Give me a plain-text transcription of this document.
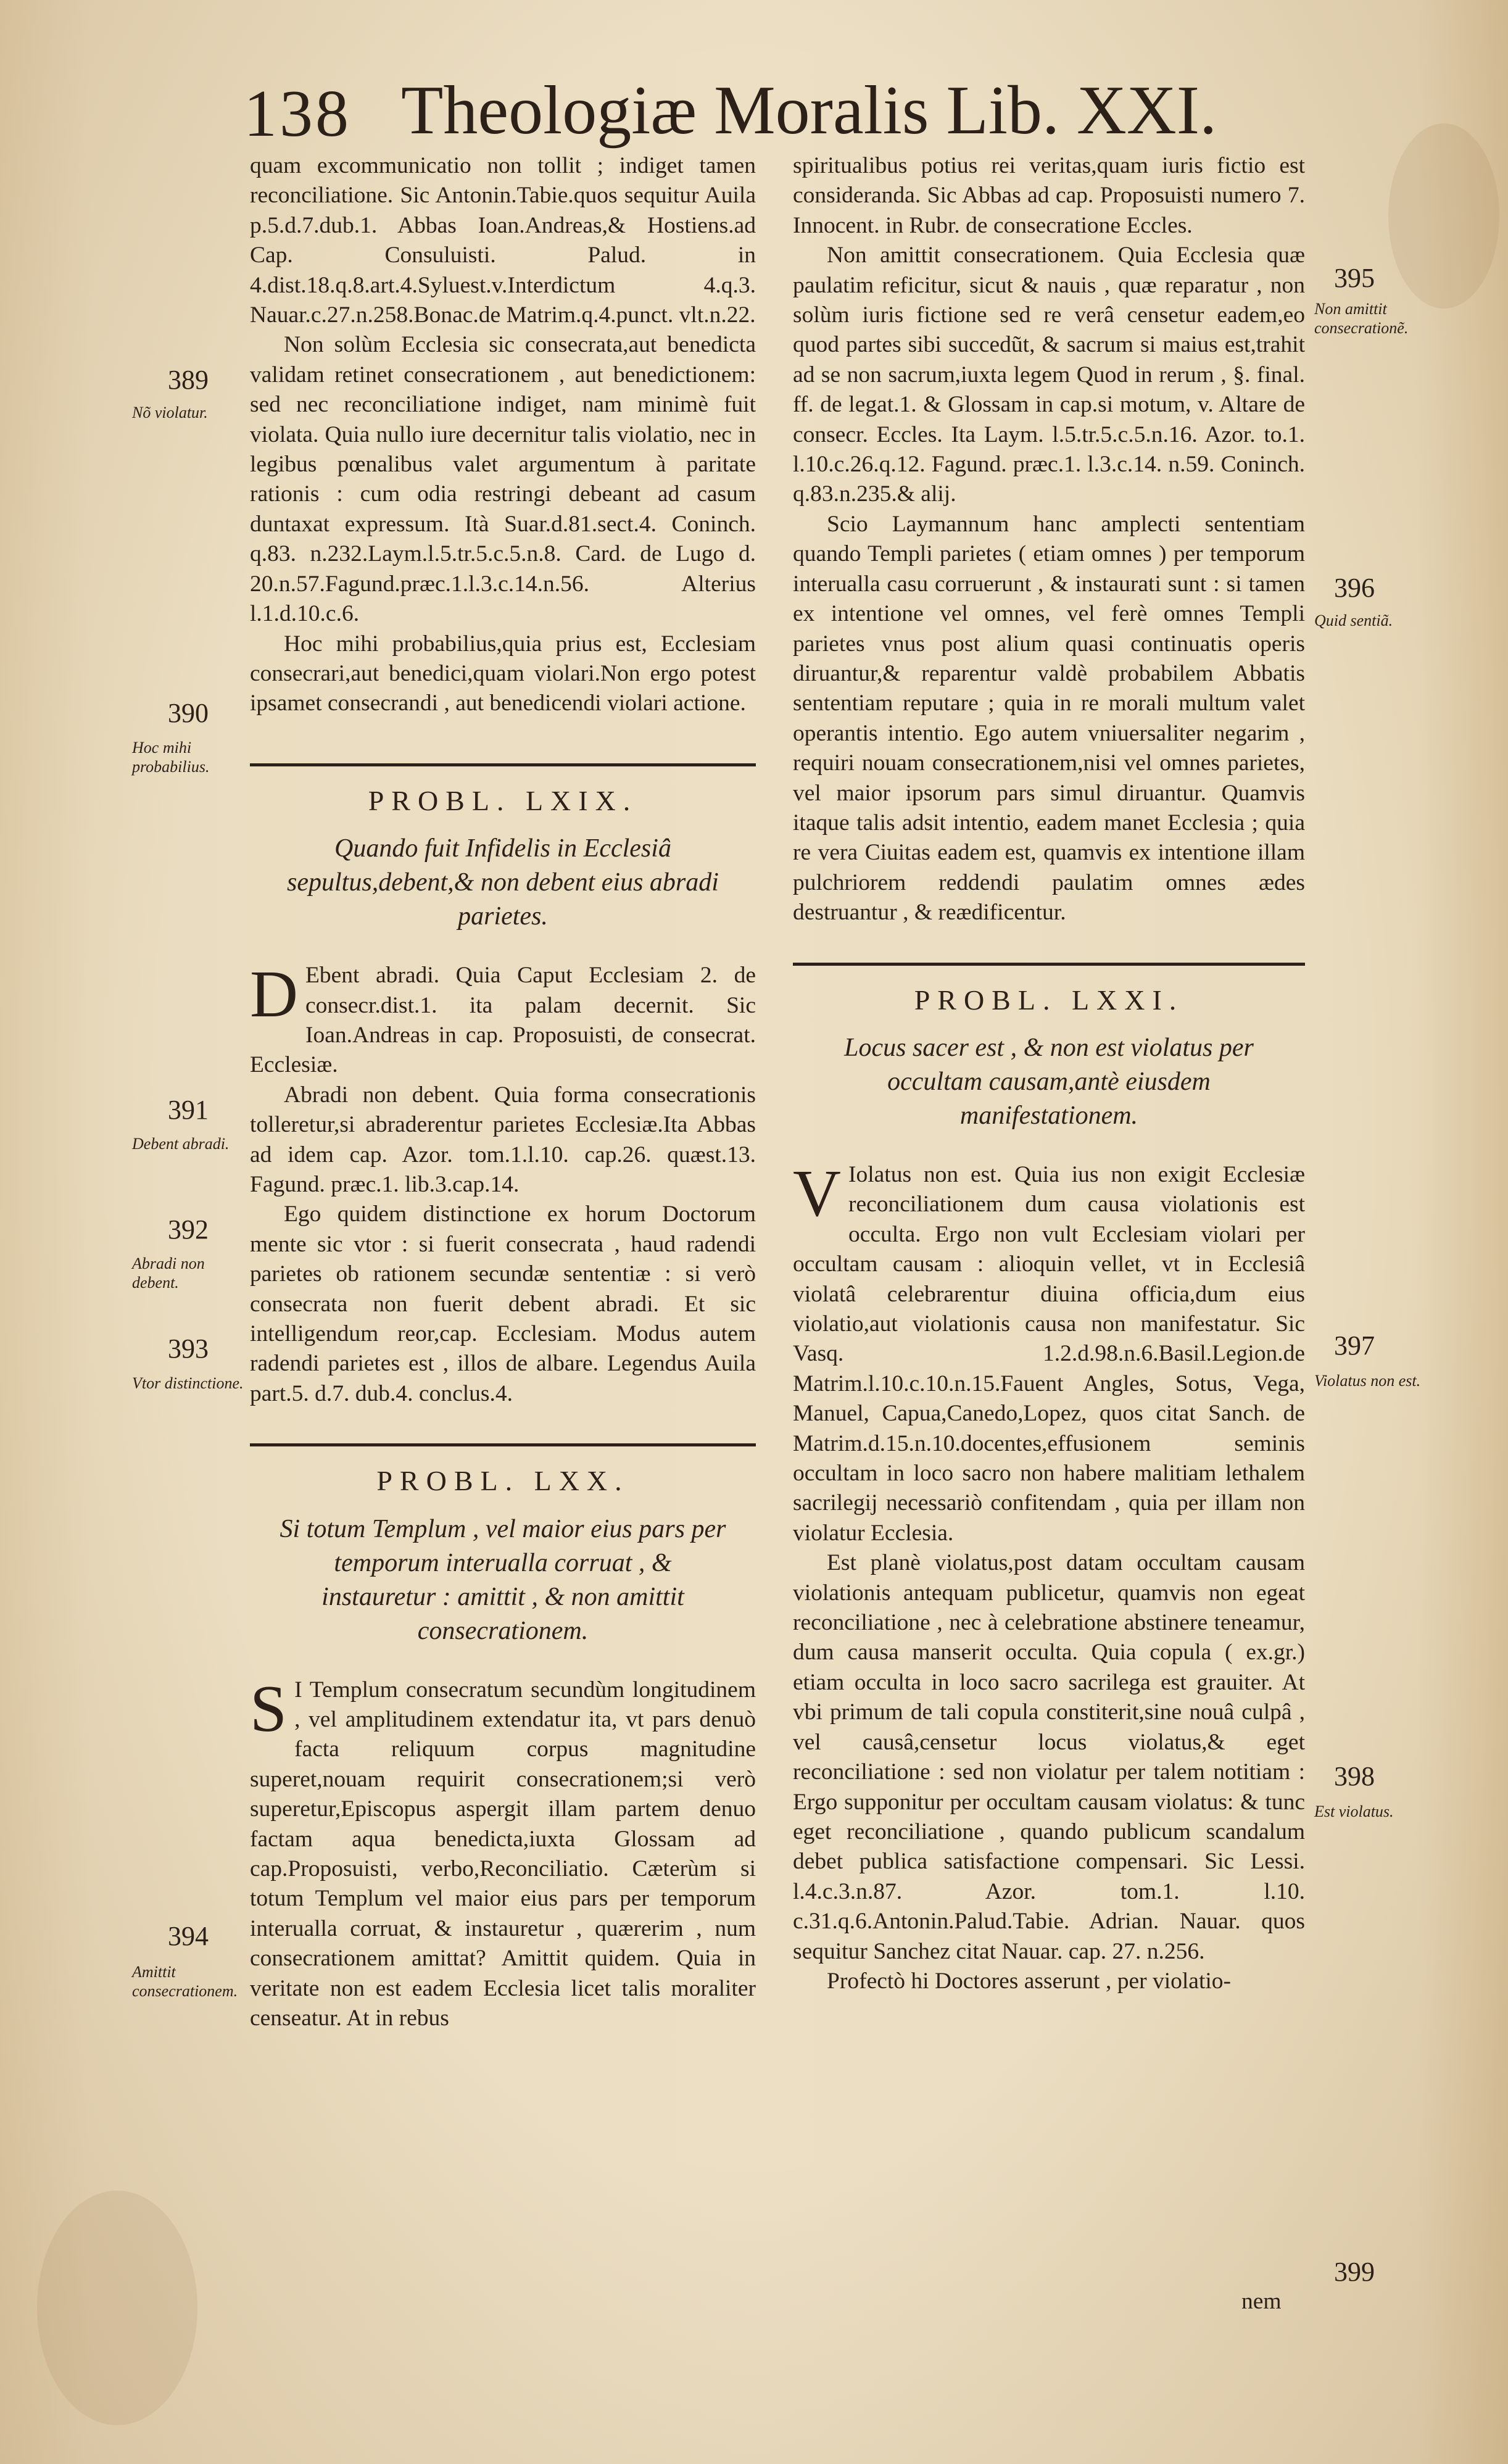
138 Theologiæ Moralis Lib. XXI.

quam excommunicatio non tollit ; indiget tamen reconciliatione. Sic Antonin.Tabie.quos sequitur Auila p.5.d.7.dub.1. Abbas Ioan.Andreas,& Hostiens.ad Cap. Consuluisti. Palud. in 4.dist.18.q.8.art.4.Syluest.v.Interdictum 4.q.3. Nauar.c.27.n.258.Bonac.de Matrim.q.4.punct. vlt.n.22.

Non solùm Ecclesia sic consecrata,aut benedicta validam retinet consecrationem , aut benedictionem: sed nec reconciliatione indiget, nam minimè fuit violata. Quia nullo iure decernitur talis violatio, nec in legibus pœnalibus valet argumentum à paritate rationis : cum odia restringi debeant ad casum duntaxat expressum. Ità Suar.d.81.sect.4. Coninch. q.83. n.232.Laym.l.5.tr.5.c.5.n.8. Card. de Lugo d. 20.n.57.Fagund.præc.1.l.3.c.14.n.56. Alterius l.1.d.10.c.6.

Hoc mihi probabilius,quia prius est, Ecclesiam consecrari,aut benedici,quam violari.Non ergo potest ipsamet consecrandi , aut benedicendi violari actione.

PROBL. LXIX.
Quando fuit Infidelis in Ecclesiâ sepultus,debent,& non debent eius abradi parietes.

D Ebent abradi. Quia Caput Ecclesiam 2. de consecr.dist.1. ita palam decernit. Sic Ioan.Andreas in cap. Proposuisti, de consecrat. Ecclesiæ.

Abradi non debent. Quia forma consecrationis tolleretur,si abraderentur parietes Ecclesiæ.Ita Abbas ad idem cap. Azor. tom.1.l.10. cap.26. quæst.13. Fagund. præc.1. lib.3.cap.14.

Ego quidem distinctione ex horum Doctorum mente sic vtor : si fuerit consecrata , haud radendi parietes ob rationem secundæ sententiæ : si verò consecrata non fuerit debent abradi. Et sic intelligendum reor,cap. Ecclesiam. Modus autem radendi parietes est , illos de albare. Legendus Auila part.5. d.7. dub.4. conclus.4.

PROBL. LXX.
Si totum Templum , vel maior eius pars per temporum interualla corruat , & instauretur : amittit , & non amittit consecrationem.

S I Templum consecratum secundùm longitudinem , vel amplitudinem extendatur ita, vt pars denuò facta reliquum corpus magnitudine superet,nouam requirit consecrationem;si verò superetur,Episcopus aspergit illam partem denuo factam aqua benedicta,iuxta Glossam ad cap.Proposuisti, verbo,Reconciliatio. Cæterùm si totum Templum vel maior eius pars per temporum interualla corruat, & instauretur , quærerim , num consecrationem amittat? Amittit quidem. Quia in veritate non est eadem Ecclesia licet talis moraliter censeatur. At in rebus

spiritualibus potius rei veritas,quam iuris fictio est consideranda. Sic Abbas ad cap. Proposuisti numero 7. Innocent. in Rubr. de consecratione Eccles.

Non amittit consecrationem. Quia Ecclesia quæ paulatim reficitur, sicut & nauis , quæ reparatur , non solùm iuris fictione sed re verâ censetur eadem,eo quod partes sibi succedũt, & sacrum si maius est,trahit ad se non sacrum,iuxta legem Quod in rerum , §. final. ff. de legat.1. & Glossam in cap.si motum, v. Altare de consecr. Eccles. Ita Laym. l.5.tr.5.c.5.n.16. Azor. to.1. l.10.c.26.q.12. Fagund. præc.1. l.3.c.14. n.59. Coninch. q.83.n.235.& alij.

Scio Laymannum hanc amplecti sententiam quando Templi parietes ( etiam omnes ) per temporum interualla casu corruerunt , & instaurati sunt : si tamen ex intentione vel omnes, vel ferè omnes Templi parietes vnus post alium quasi continuatis operis diruantur,& reparentur valdè probabilem Abbatis sententiam reputare ; quia in re morali multum valet operantis intentio. Ego autem vniuersaliter negarim , requiri nouam consecrationem,nisi vel omnes parietes, vel maior ipsorum pars simul diruantur. Quamvis itaque talis adsit intentio, eadem manet Ecclesia ; quia re vera Ciuitas eadem est, quamvis ex intentione illam pulchriorem reddendi paulatim omnes ædes destruantur , & reædificentur.

PROBL. LXXI.
Locus sacer est , & non est violatus per occultam causam,antè eiusdem manifestationem.

V Iolatus non est. Quia ius non exigit Ecclesiæ reconciliationem dum causa violationis est occulta. Ergo non vult Ecclesiam violari per occultam causam : alioquin vellet, vt in Ecclesiâ violatâ celebrarentur diuina officia,dum eius violatio,aut violationis causa non manifestatur. Sic Vasq. 1.2.d.98.n.6.Basil.Legion.de Matrim.l.10.c.10.n.15.Fauent Angles, Sotus, Vega, Manuel, Capua,Canedo,Lopez, quos citat Sanch. de Matrim.d.15.n.10.docentes,effusionem seminis occultam in loco sacro non habere malitiam lethalem sacrilegij necessariò confitendam , quia per illam non violatur Ecclesia.

Est planè violatus,post datam occultam causam violationis antequam publicetur, quamvis non egeat reconciliatione , nec à celebratione abstinere teneamur, dum causa manserit occulta. Quia copula ( ex.gr.) etiam occulta in loco sacro sacrilega est grauiter. At vbi primum de tali copula constiterit,sine nouâ culpâ , vel causâ,censetur locus violatus,& eget reconciliatione : sed non violatur per talem notitiam : Ergo supponitur per occultam causam violatus: & tunc eget reconciliatione , quando publicum scandalum debet publica satisfactione compensari. Sic Lessi. l.4.c.3.n.87. Azor. tom.1. l.10. c.31.q.6.Antonin.Palud.Tabie. Adrian. Nauar. quos sequitur Sanchez citat Nauar. cap. 27. n.256.

Profectò hi Doctores asserunt , per violatio-

nem
389
Nõ violatur.
390
Hoc mihi probabilius.
391
Debent abradi.
392
Abradi non debent.
393
Vtor distinctione.
394
Amittit consecrationem.
395
Non amittit consecrationẽ.
396
Quid sentiã.
397
Violatus non est.
398
Est violatus.
399
